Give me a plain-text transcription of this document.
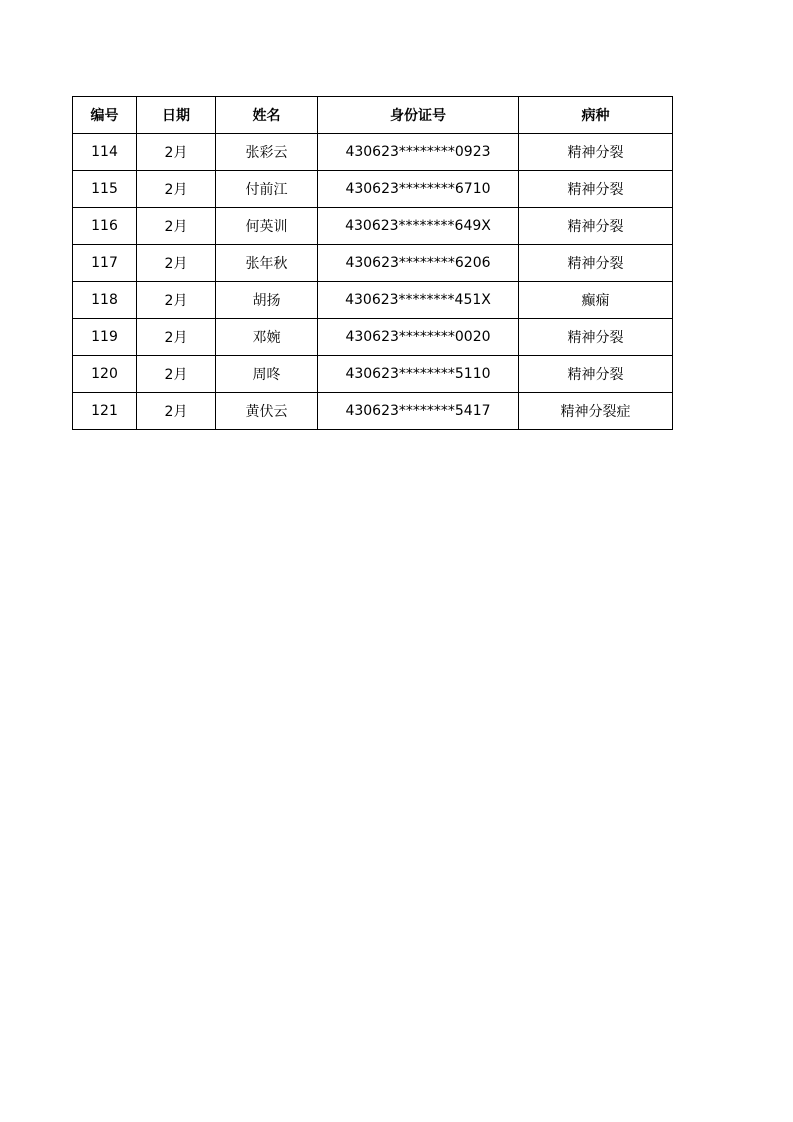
编号	日期	姓名	身份证号	病种
114	2月	张彩云	430623********0923	精神分裂
115	2月	付前江	430623********6710	精神分裂
116	2月	何英训	430623********649X	精神分裂
117	2月	张年秋	430623********6206	精神分裂
118	2月	胡扬	430623********451X	癫痫
119	2月	邓婉	430623********0020	精神分裂
120	2月	周咚	430623********5110	精神分裂
121	2月	黄伏云	430623********5417	精神分裂症
